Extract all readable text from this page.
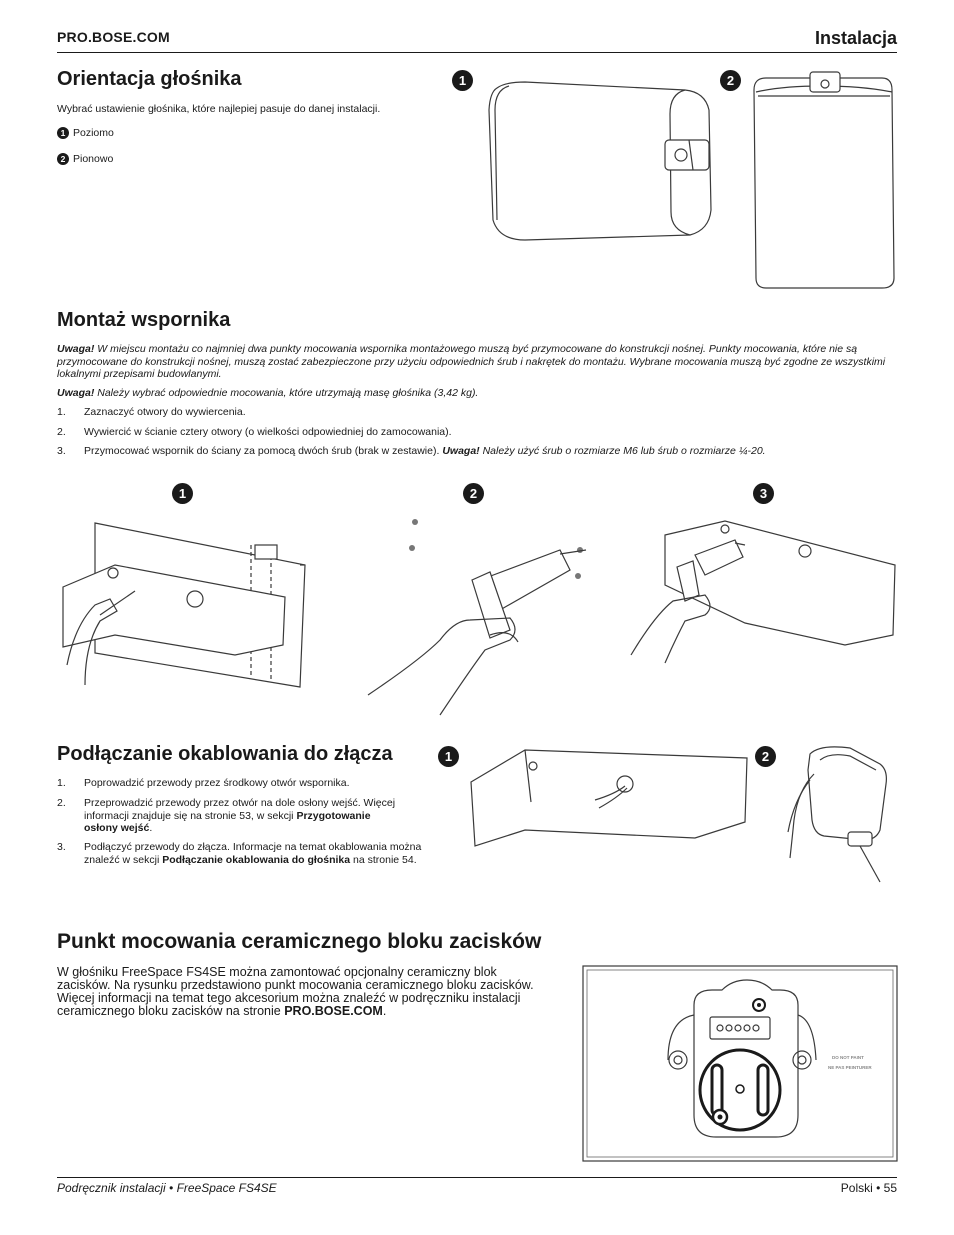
PRO.BOSE.COM	Instalacja
Orientacja głośnika
Wybrać ustawienie głośnika, które najlepiej pasuje do danej instalacji.
1 Poziomo
2 Pionowo
1	2
Montaż wspornika
Uwaga! W miejscu montażu co najmniej dwa punkty mocowania wspornika montażowego muszą być przymocowane do konstrukcji nośnej. Punkty mocowania, które nie są przymocowane do konstrukcji nośnej, muszą zostać zabezpieczone przy użyciu odpowiednich śrub i nakrętek do montażu. Wybrane mocowania muszą być zgodne ze wszystkimi lokalnymi przepisami budowlanymi.
Uwaga! Należy wybrać odpowiednie mocowania, które utrzymają masę głośnika (3,42 kg).
1. Zaznaczyć otwory do wywiercenia.
2. Wywiercić w ścianie cztery otwory (o wielkości odpowiedniej do zamocowania).
3. Przymocować wspornik do ściany za pomocą dwóch śrub (brak w zestawie). Uwaga! Należy użyć śrub o rozmiarze M6 lub śrub o rozmiarze ¼-20.
1	2	3
Podłączanie okablowania do złącza
1. Poprowadzić przewody przez środkowy otwór wspornika.
2. Przeprowadzić przewody przez otwór na dole osłony wejść. Więcej informacji znajduje się na stronie 53, w sekcji Przygotowanie osłony wejść.
3. Podłączyć przewody do złącza. Informacje na temat okablowania można znaleźć w sekcji Podłączanie okablowania do głośnika na stronie 54.
1	2
Punkt mocowania ceramicznego bloku zacisków
W głośniku FreeSpace FS4SE można zamontować opcjonalny ceramiczny blok zacisków. Na rysunku przedstawiono punkt mocowania ceramicznego bloku zacisków. Więcej informacji na temat tego akcesorium można znaleźć w podręczniku instalacji ceramicznego bloku zacisków na stronie PRO.BOSE.COM.
DO NOT PAINT
NE PAS PEINTURER
Podręcznik instalacji • FreeSpace FS4SE	Polski • 55
